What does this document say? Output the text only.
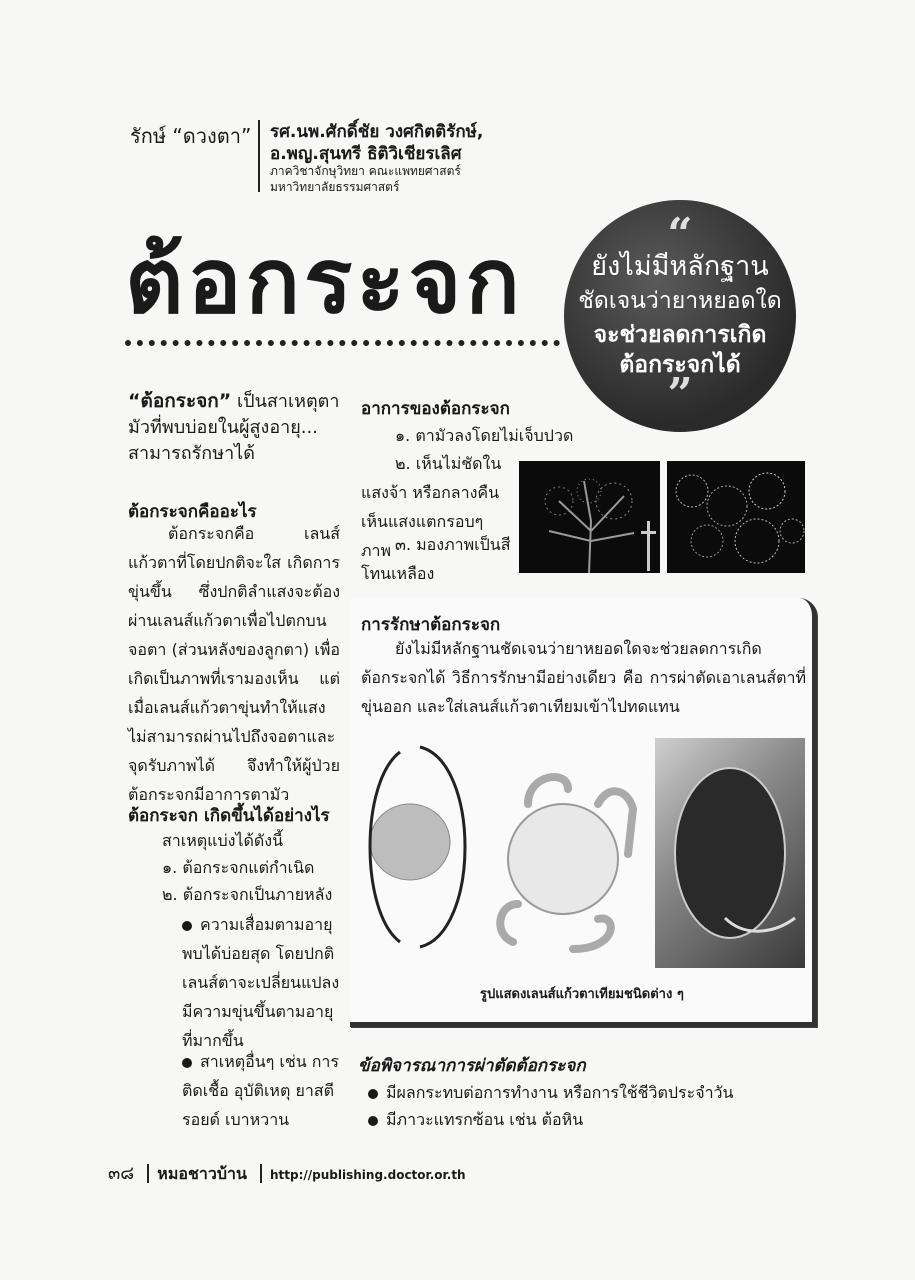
รักษ์ “ดวงตา” รศ.นพ.ศักดิ์ชัย วงศกิตติรักษ์,
อ.พญ.สุนทรี ธิติวิเชียรเลิศ
ภาควิชาจักษุวิทยา คณะแพทยศาสตร์
มหาวิทยาลัยธรรมศาสตร์
ต้อกระจก	“
ยังไม่มีหลักฐาน
ชัดเจนว่ายาหยอดใด
จะช่วยลดการเกิด
ต้อกระจกได้
”
“ต้อกระจก” เป็นสาเหตุตามัวที่พบบ่อยในผู้สูงอายุ... สามารถรักษาได้
ต้อกระจกคืออะไร
ต้อกระจกคือ เลนส์แก้วตาที่โดยปกติจะใส เกิดการขุ่นขึ้น ซึ่งปกติลำแสงจะต้องผ่านเลนส์แก้วตาเพื่อไปตกบนจอตา (ส่วนหลังของลูกตา) เพื่อเกิดเป็นภาพที่เรามองเห็น แต่เมื่อเลนส์แก้วตาขุ่นทำให้แสงไม่สามารถผ่านไปถึงจอตาและจุดรับภาพได้ จึงทำให้ผู้ป่วยต้อกระจกมีอาการตามัว
ต้อกระจก เกิดขึ้นได้อย่างไร
สาเหตุแบ่งได้ดังนี้
๑. ต้อกระจกแต่กำเนิด
๒. ต้อกระจกเป็นภายหลัง
ความเสื่อมตามอายุ พบได้บ่อยสุด โดยปกติเลนส์ตาจะเปลี่ยนแปลงมีความขุ่นขึ้นตามอายุที่มากขึ้น
สาเหตุอื่นๆ เช่น การติดเชื้อ อุบัติเหตุ ยาสตีรอยด์ เบาหวาน
อาการของต้อกระจก
๑. ตามัวลงโดยไม่เจ็บปวด
๒. เห็นไม่ชัดในแสงจ้า หรือกลางคืนเห็นแสงแตกรอบๆ ภาพ ๓. มองภาพเป็นสีโทนเหลือง
การรักษาต้อกระจก
ยังไม่มีหลักฐานชัดเจนว่ายาหยอดใดจะช่วยลดการเกิดต้อกระจกได้ วิธีการรักษามีอย่างเดียว คือ การผ่าตัดเอาเลนส์ตาที่ขุ่นออก และใส่เลนส์แก้วตาเทียมเข้าไปทดแทน
รูปแสดงเลนส์แก้วตาเทียมชนิดต่าง ๆ
ข้อพิจารณาการผ่าตัดต้อกระจก
มีผลกระทบต่อการทำงาน หรือการใช้ชีวิตประจำวัน
มีภาวะแทรกซ้อน เช่น ต้อหิน
๓๘ หมอชาวบ้าน http://publishing.doctor.or.th
